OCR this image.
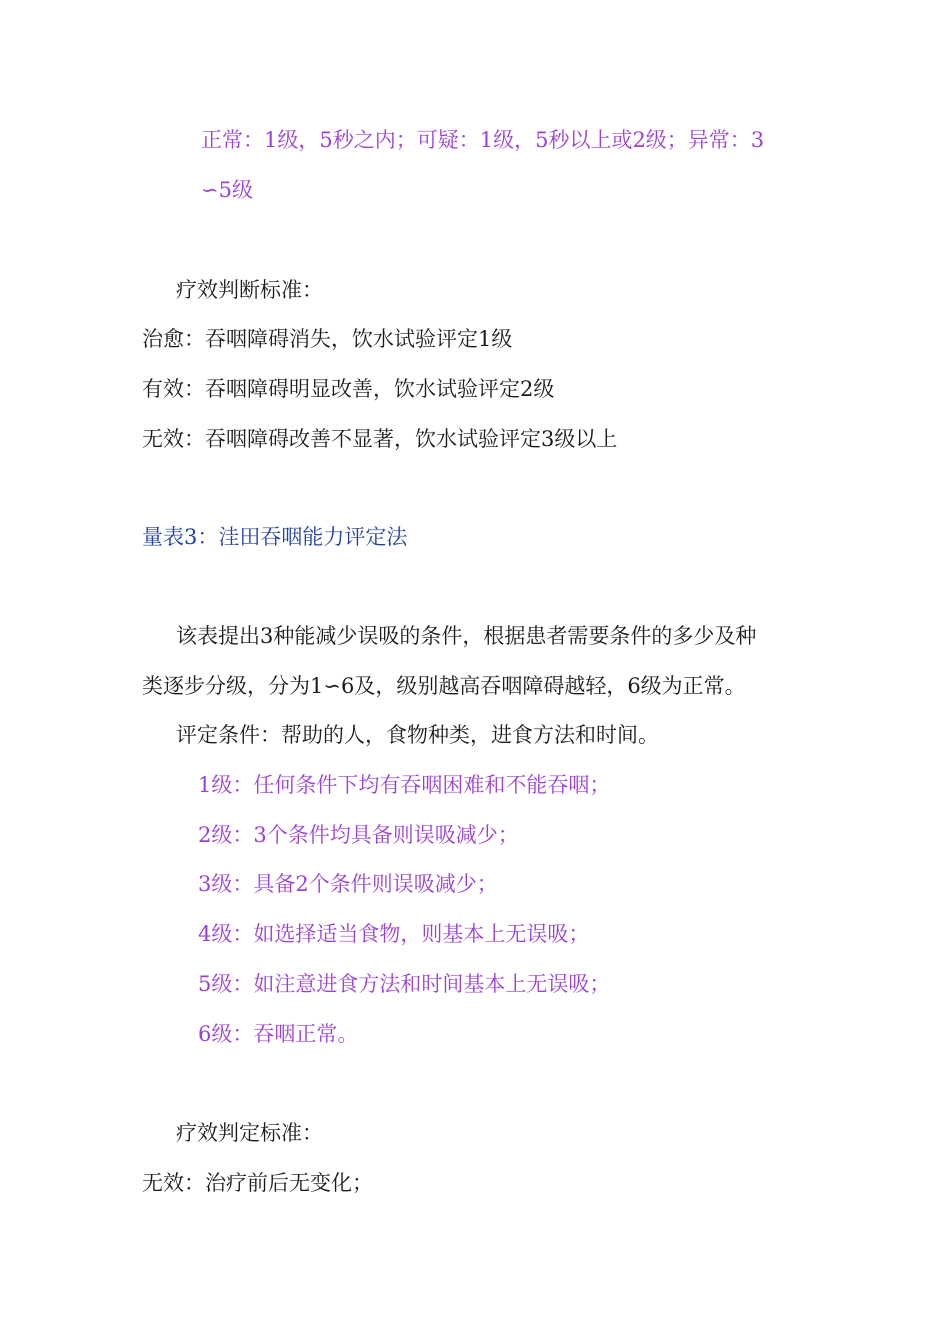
正常：1级，5秒之内；可疑：1级，5秒以上或2级；异常：3
∽5级
疗效判断标准：
治愈：吞咽障碍消失，饮水试验评定1级
有效：吞咽障碍明显改善，饮水试验评定2级
无效：吞咽障碍改善不显著，饮水试验评定3级以上
量表3：洼田吞咽能力评定法
该表提出3种能减少误吸的条件，根据患者需要条件的多少及种
类逐步分级，分为1∽6及，级别越高吞咽障碍越轻，6级为正常。
评定条件：帮助的人，食物种类，进食方法和时间。
1级：任何条件下均有吞咽困难和不能吞咽；
2级：3个条件均具备则误吸减少；
3级：具备2个条件则误吸减少；
4级：如选择适当食物，则基本上无误吸；
5级：如注意进食方法和时间基本上无误吸；
6级：吞咽正常。
疗效判定标准：
无效：治疗前后无变化；
